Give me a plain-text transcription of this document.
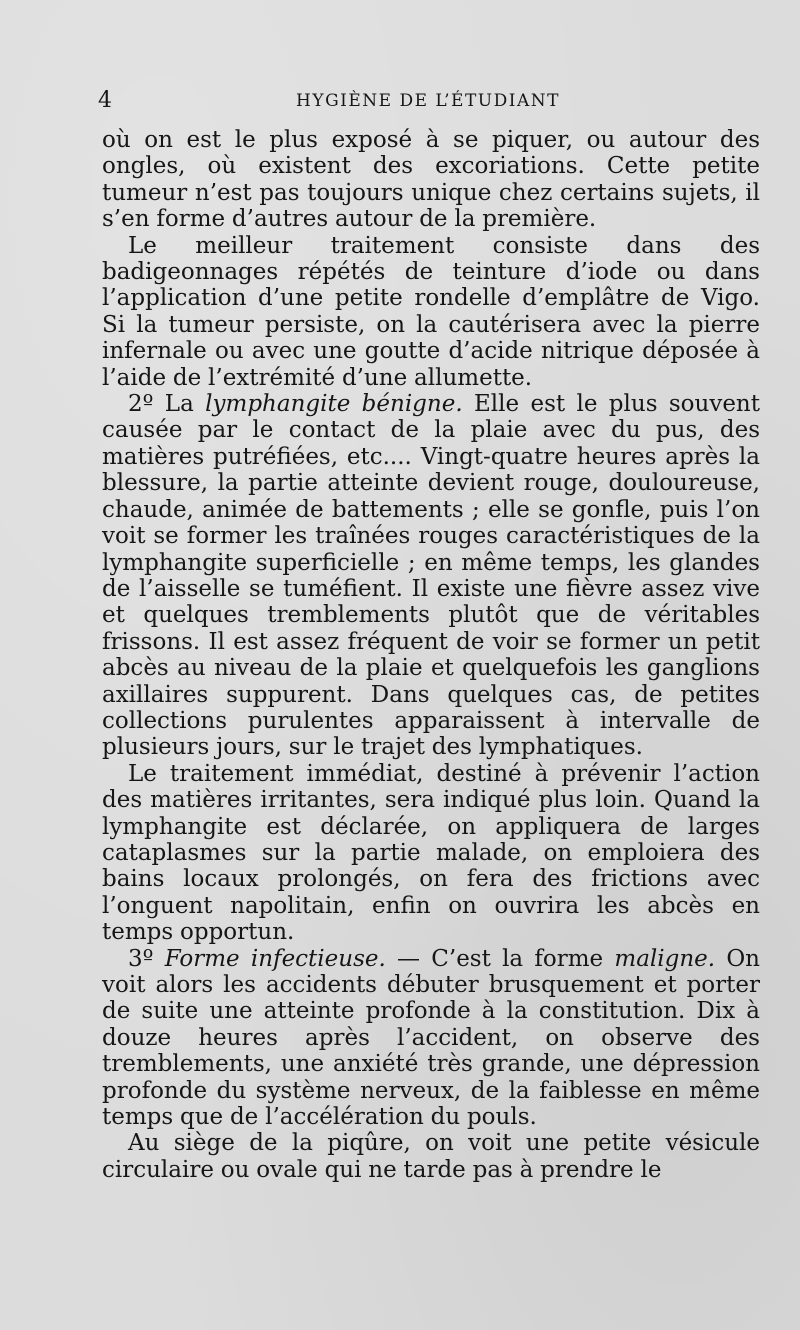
4	HYGIÈNE DE L’ÉTUDIANT

où on est le plus exposé à se piquer, ou autour des ongles, où existent des excoriations. Cette petite tumeur n’est pas toujours unique chez certains sujets, il s’en forme d’autres autour de la première.

Le meilleur traitement consiste dans des badigeonnages répétés de teinture d’iode ou dans l’application d’une petite rondelle d’emplâtre de Vigo. Si la tumeur persiste, on la cautérisera avec la pierre infernale ou avec une goutte d’acide nitrique déposée à l’aide de l’extrémité d’une allumette.

2º La lymphangite bénigne. Elle est le plus souvent causée par le contact de la plaie avec du pus, des matières putréfiées, etc.... Vingt-quatre heures après la blessure, la partie atteinte devient rouge, douloureuse, chaude, animée de battements ; elle se gonfle, puis l’on voit se former les traînées rouges caractéristiques de la lymphangite superficielle ; en même temps, les glandes de l’aisselle se tuméfient. Il existe une fièvre assez vive et quelques tremblements plutôt que de véritables frissons. Il est assez fréquent de voir se former un petit abcès au niveau de la plaie et quelquefois les ganglions axillaires suppurent. Dans quelques cas, de petites collections purulentes apparaissent à intervalle de plusieurs jours, sur le trajet des lymphatiques.

Le traitement immédiat, destiné à prévenir l’action des matières irritantes, sera indiqué plus loin. Quand la lymphangite est déclarée, on appliquera de larges cataplasmes sur la partie malade, on emploiera des bains locaux prolongés, on fera des frictions avec l’onguent napolitain, enfin on ouvrira les abcès en temps opportun.

3º Forme infectieuse. — C’est la forme maligne. On voit alors les accidents débuter brusquement et porter de suite une atteinte profonde à la constitution. Dix à douze heures après l’accident, on observe des tremblements, une anxiété très grande, une dépression profonde du système nerveux, de la faiblesse en même temps que de l’accélération du pouls.

Au siège de la piqûre, on voit une petite vésicule circulaire ou ovale qui ne tarde pas à prendre le
